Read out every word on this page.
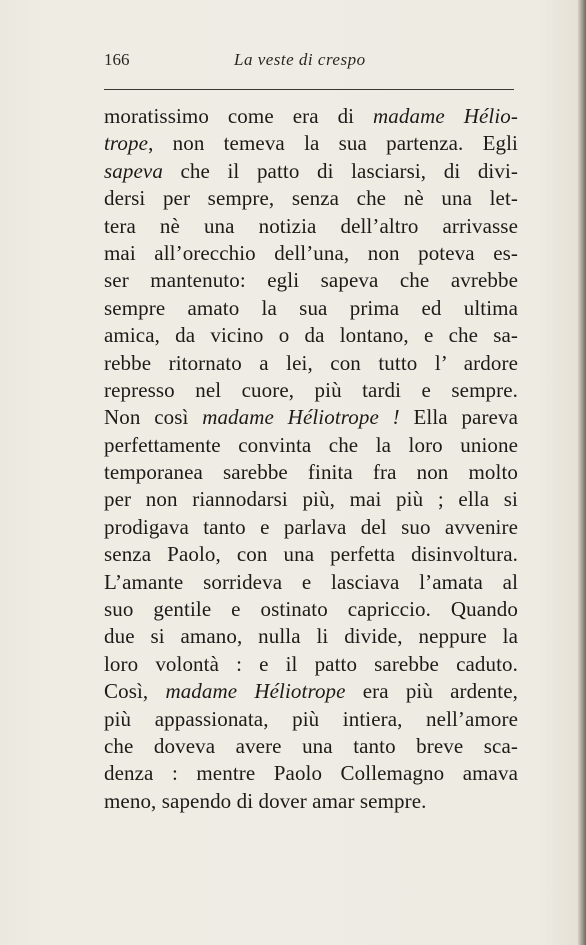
166	La veste di crespo
moratissimo come era di madame Hélio-
trope, non temeva la sua partenza. Egli
sapeva che il patto di lasciarsi, di divi-
dersi per sempre, senza che nè una let-
tera nè una notizia dell’altro arrivasse
mai all’orecchio dell’una, non poteva es-
ser mantenuto: egli sapeva che avrebbe
sempre amato la sua prima ed ultima
amica, da vicino o da lontano, e che sa-
rebbe ritornato a lei, con tutto l’ ardore
represso nel cuore, più tardi e sempre.
Non così madame Héliotrope ! Ella pareva
perfettamente convinta che la loro unione
temporanea sarebbe finita fra non molto
per non riannodarsi più, mai più ; ella si
prodigava tanto e parlava del suo avvenire
senza Paolo, con una perfetta disinvoltura.
L’amante sorrideva e lasciava l’amata al
suo gentile e ostinato capriccio. Quando
due si amano, nulla li divide, neppure la
loro volontà : e il patto sarebbe caduto.
Così, madame Héliotrope era più ardente,
più appassionata, più intiera, nell’amore
che doveva avere una tanto breve sca-
denza : mentre Paolo Collemagno amava
meno, sapendo di dover amar sempre.
